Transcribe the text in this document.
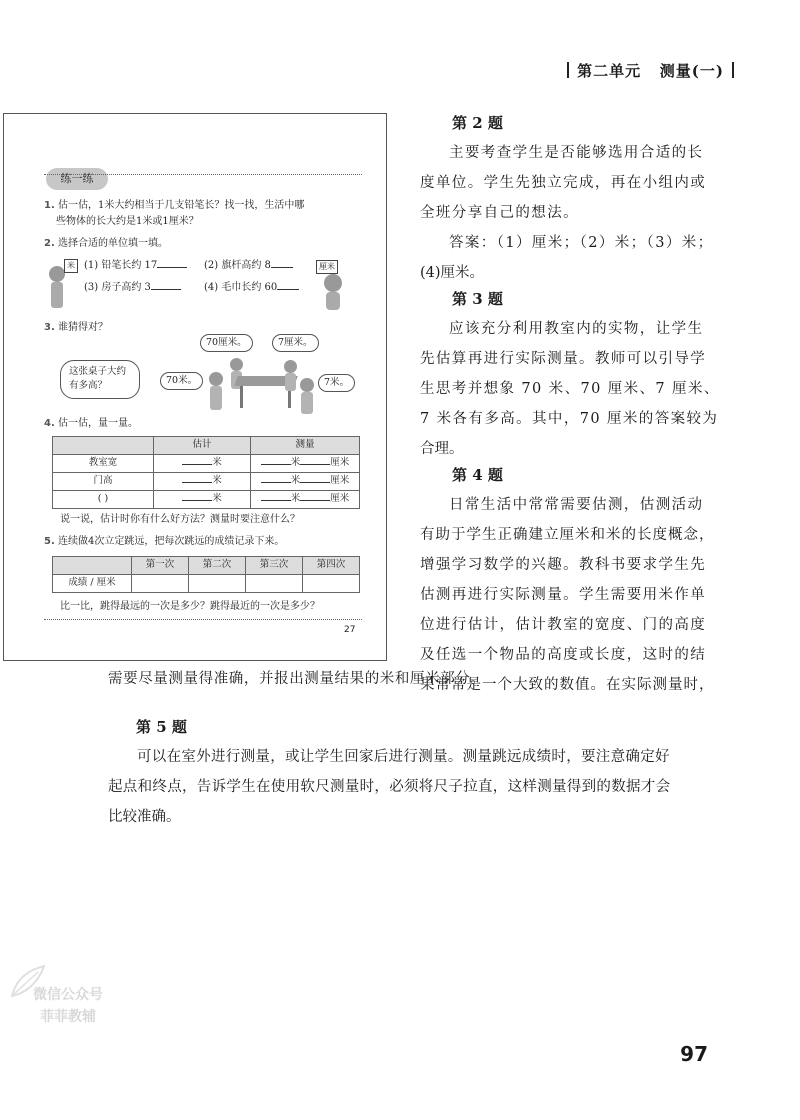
第二单元 测量(一)
练一练
1. 估一估，1米大约相当于几支铅笔长？找一找，生活中哪
些物体的长大约是1米或1厘米？
2. 选择合适的单位填一填。
米 (1) 铅笔长约 17	(2) 旗杆高约 8
(3) 房子高约 3	(4) 毛巾长约 60
厘米
3. 谁猜得对？
这张桌子大约有多高？
70厘米。	7厘米。
70米。	7米。
4. 估一估，量一量。
	估计	测量
教室宽	米	米 厘米
门高	米	米 厘米
( )	米	米 厘米
说一说，估计时你有什么好方法？测量时要注意什么？
5. 连续做4次立定跳远，把每次跳远的成绩记录下来。
	第一次	第二次	第三次	第四次
成绩 / 厘米				
比一比，跳得最远的一次是多少？跳得最近的一次是多少？
27
第 2 题
主要考查学生是否能够选用合适的长
度单位。学生先独立完成，再在小组内或
全班分享自己的想法。
答案：（1）厘米；（2）米；（3）米；
(4)厘米。
第 3 题
应该充分利用教室内的实物，让学生
先估算再进行实际测量。教师可以引导学
生思考并想象 70 米、70 厘米、7 厘米、
7 米各有多高。其中，70 厘米的答案较为
合理。
第 4 题
日常生活中常常需要估测，估测活动
有助于学生正确建立厘米和米的长度概念，
增强学习数学的兴趣。教科书要求学生先
估测再进行实际测量。学生需要用米作单
位进行估计，估计教室的宽度、门的高度
及任选一个物品的高度或长度，这时的结
果常常是一个大致的数值。在实际测量时，
需要尽量测量得准确，并报出测量结果的米和厘米部分。
第 5 题
可以在室外进行测量，或让学生回家后进行测量。测量跳远成绩时，要注意确定好
起点和终点，告诉学生在使用软尺测量时，必须将尺子拉直，这样测量得到的数据才会
比较准确。
微信公众号
菲菲教辅
97
